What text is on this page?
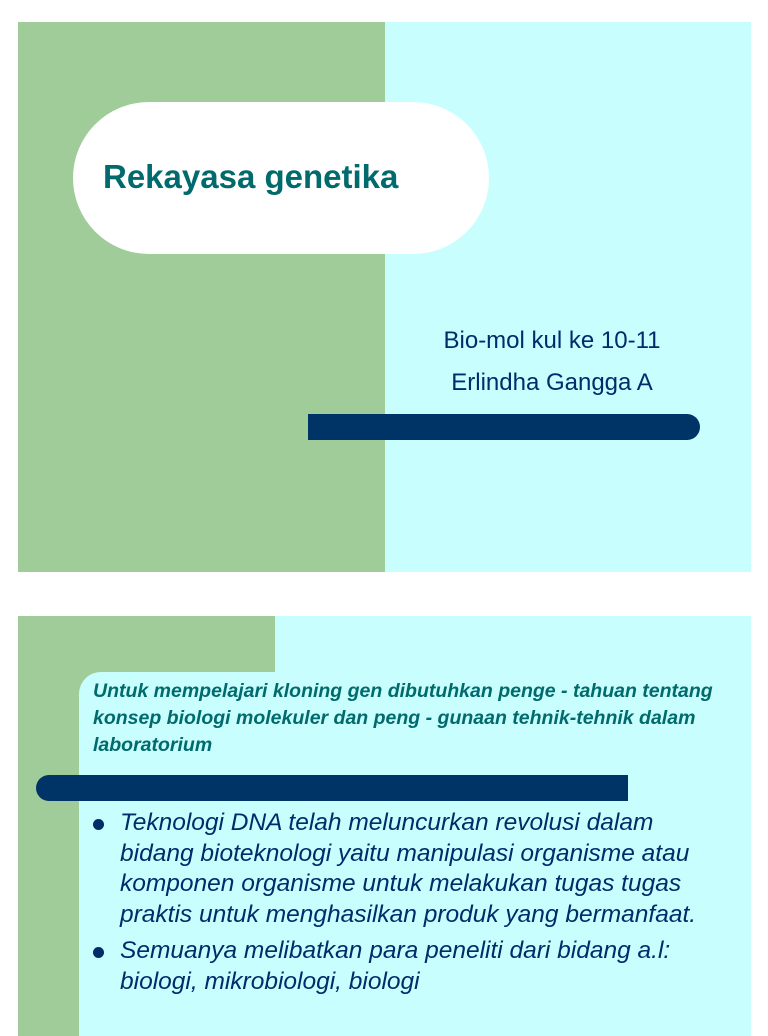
Rekayasa genetika
Bio-mol kul ke 10-11
Erlindha Gangga A

Untuk mempelajari kloning gen dibutuhkan penge - tahuan tentang konsep biologi molekuler dan peng - gunaan tehnik-tehnik dalam laboratorium

Teknologi DNA telah meluncurkan revolusi dalam bidang bioteknologi yaitu manipulasi organisme atau komponen organisme untuk melakukan tugas tugas praktis untuk menghasilkan produk yang bermanfaat.
Semuanya melibatkan para peneliti dari bidang a.l: biologi, mikrobiologi, biologi
